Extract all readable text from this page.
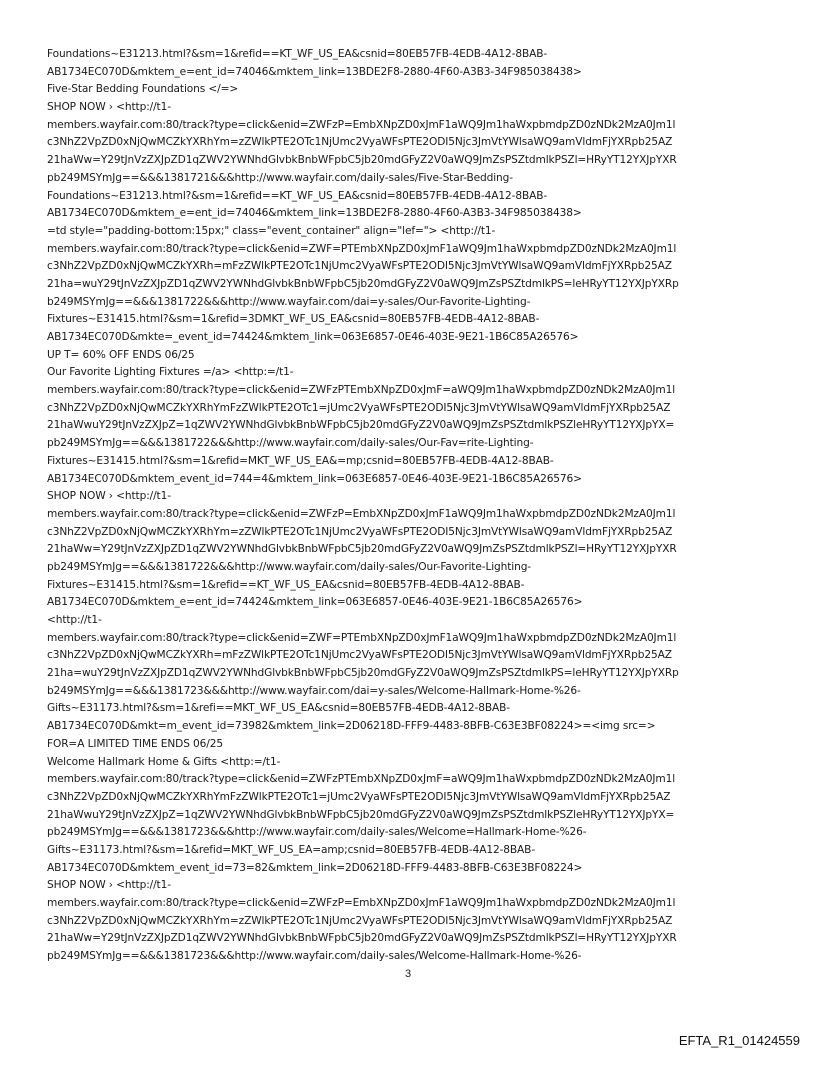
Foundations~E31213.html?&sm=1&refid==KT_WF_US_EA&csnid=80EB57FB-4EDB-4A12-8BAB-
AB1734EC070D&mktem_e=ent_id=74046&mktem_link=13BDE2F8-2880-4F60-A3B3-34F985038438>
Five-Star Bedding Foundations </=>
SHOP NOW › <http://t1-
members.wayfair.com:80/track?type=click&enid=ZWFzP=EmbXNpZD0xJmF1aWQ9Jm1haWxpbmdpZD0zNDk2MzA0Jm1l
c3NhZ2VpZD0xNjQwMCZkYXRhYm=zZWlkPTE2OTc1NjUmc2VyaWFsPTE2ODI5Njc3JmVtYWlsaWQ9amVldmFjYXRpb25AZ
21haWw=Y29tJnVzZXJpZD1qZWV2YWNhdGlvbkBnbWFpbC5jb20mdGFyZ2V0aWQ9JmZsPSZtdmlkPSZl=HRyYT12YXJpYXR
pb249MSYmJg==&&&1381721&&&http://www.wayfair.com/daily-sales/Five-Star-Bedding-
Foundations~E31213.html?&sm=1&refid==KT_WF_US_EA&csnid=80EB57FB-4EDB-4A12-8BAB-
AB1734EC070D&mktem_e=ent_id=74046&mktem_link=13BDE2F8-2880-4F60-A3B3-34F985038438>
=td style="padding-bottom:15px;" class="event_container" align="lef="> <http://t1-
members.wayfair.com:80/track?type=click&enid=ZWF=PTEmbXNpZD0xJmF1aWQ9Jm1haWxpbmdpZD0zNDk2MzA0Jm1l
c3NhZ2VpZD0xNjQwMCZkYXRh=mFzZWlkPTE2OTc1NjUmc2VyaWFsPTE2ODI5Njc3JmVtYWlsaWQ9amVldmFjYXRpb25AZ
21ha=wuY29tJnVzZXJpZD1qZWV2YWNhdGlvbkBnbWFpbC5jb20mdGFyZ2V0aWQ9JmZsPSZtdmlkPS=leHRyYT12YXJpYXRp
b249MSYmJg==&&&1381722&&&http://www.wayfair.com/dai=y-sales/Our-Favorite-Lighting-
Fixtures~E31415.html?&sm=1&refid=3DMKT_WF_US_EA&csnid=80EB57FB-4EDB-4A12-8BAB-
AB1734EC070D&mkte=_event_id=74424&mktem_link=063E6857-0E46-403E-9E21-1B6C85A26576>
UP T= 60% OFF ENDS 06/25
Our Favorite Lighting Fixtures =/a> <http:=/t1-
members.wayfair.com:80/track?type=click&enid=ZWFzPTEmbXNpZD0xJmF=aWQ9Jm1haWxpbmdpZD0zNDk2MzA0Jm1l
c3NhZ2VpZD0xNjQwMCZkYXRhYmFzZWlkPTE2OTc1=jUmc2VyaWFsPTE2ODI5Njc3JmVtYWlsaWQ9amVldmFjYXRpb25AZ
21haWwuY29tJnVzZXJpZ=1qZWV2YWNhdGlvbkBnbWFpbC5jb20mdGFyZ2V0aWQ9JmZsPSZtdmlkPSZleHRyYT12YXJpYX=
pb249MSYmJg==&&&1381722&&&http://www.wayfair.com/daily-sales/Our-Fav=rite-Lighting-
Fixtures~E31415.html?&sm=1&refid=MKT_WF_US_EA&=mp;csnid=80EB57FB-4EDB-4A12-8BAB-
AB1734EC070D&mktem_event_id=744=4&mktem_link=063E6857-0E46-403E-9E21-1B6C85A26576>
SHOP NOW › <http://t1-
members.wayfair.com:80/track?type=click&enid=ZWFzP=EmbXNpZD0xJmF1aWQ9Jm1haWxpbmdpZD0zNDk2MzA0Jm1l
c3NhZ2VpZD0xNjQwMCZkYXRhYm=zZWlkPTE2OTc1NjUmc2VyaWFsPTE2ODI5Njc3JmVtYWlsaWQ9amVldmFjYXRpb25AZ
21haWw=Y29tJnVzZXJpZD1qZWV2YWNhdGlvbkBnbWFpbC5jb20mdGFyZ2V0aWQ9JmZsPSZtdmlkPSZl=HRyYT12YXJpYXR
pb249MSYmJg==&&&1381722&&&http://www.wayfair.com/daily-sales/Our-Favorite-Lighting-
Fixtures~E31415.html?&sm=1&refid==KT_WF_US_EA&csnid=80EB57FB-4EDB-4A12-8BAB-
AB1734EC070D&mktem_e=ent_id=74424&mktem_link=063E6857-0E46-403E-9E21-1B6C85A26576>
<http://t1-
members.wayfair.com:80/track?type=click&enid=ZWF=PTEmbXNpZD0xJmF1aWQ9Jm1haWxpbmdpZD0zNDk2MzA0Jm1l
c3NhZ2VpZD0xNjQwMCZkYXRh=mFzZWlkPTE2OTc1NjUmc2VyaWFsPTE2ODI5Njc3JmVtYWlsaWQ9amVldmFjYXRpb25AZ
21ha=wuY29tJnVzZXJpZD1qZWV2YWNhdGlvbkBnbWFpbC5jb20mdGFyZ2V0aWQ9JmZsPSZtdmlkPS=leHRyYT12YXJpYXRp
b249MSYmJg==&&&1381723&&&http://www.wayfair.com/dai=y-sales/Welcome-Hallmark-Home-%26-
Gifts~E31173.html?&sm=1&refi==MKT_WF_US_EA&csnid=80EB57FB-4EDB-4A12-8BAB-
AB1734EC070D&mkt=m_event_id=73982&mktem_link=2D06218D-FFF9-4483-8BFB-C63E3BF08224>=<img src=>
FOR=A LIMITED TIME ENDS 06/25
Welcome Hallmark Home & Gifts <http:=/t1-
members.wayfair.com:80/track?type=click&enid=ZWFzPTEmbXNpZD0xJmF=aWQ9Jm1haWxpbmdpZD0zNDk2MzA0Jm1l
c3NhZ2VpZD0xNjQwMCZkYXRhYmFzZWlkPTE2OTc1=jUmc2VyaWFsPTE2ODI5Njc3JmVtYWlsaWQ9amVldmFjYXRpb25AZ
21haWwuY29tJnVzZXJpZ=1qZWV2YWNhdGlvbkBnbWFpbC5jb20mdGFyZ2V0aWQ9JmZsPSZtdmlkPSZleHRyYT12YXJpYX=
pb249MSYmJg==&&&1381723&&&http://www.wayfair.com/daily-sales/Welcome=Hallmark-Home-%26-
Gifts~E31173.html?&sm=1&refid=MKT_WF_US_EA=amp;csnid=80EB57FB-4EDB-4A12-8BAB-
AB1734EC070D&mktem_event_id=73=82&mktem_link=2D06218D-FFF9-4483-8BFB-C63E3BF08224>
SHOP NOW › <http://t1-
members.wayfair.com:80/track?type=click&enid=ZWFzP=EmbXNpZD0xJmF1aWQ9Jm1haWxpbmdpZD0zNDk2MzA0Jm1l
c3NhZ2VpZD0xNjQwMCZkYXRhYm=zZWlkPTE2OTc1NjUmc2VyaWFsPTE2ODI5Njc3JmVtYWlsaWQ9amVldmFjYXRpb25AZ
21haWw=Y29tJnVzZXJpZD1qZWV2YWNhdGlvbkBnbWFpbC5jb20mdGFyZ2V0aWQ9JmZsPSZtdmlkPSZl=HRyYT12YXJpYXR
pb249MSYmJg==&&&1381723&&&http://www.wayfair.com/daily-sales/Welcome-Hallmark-Home-%26-
3
EFTA_R1_01424559
